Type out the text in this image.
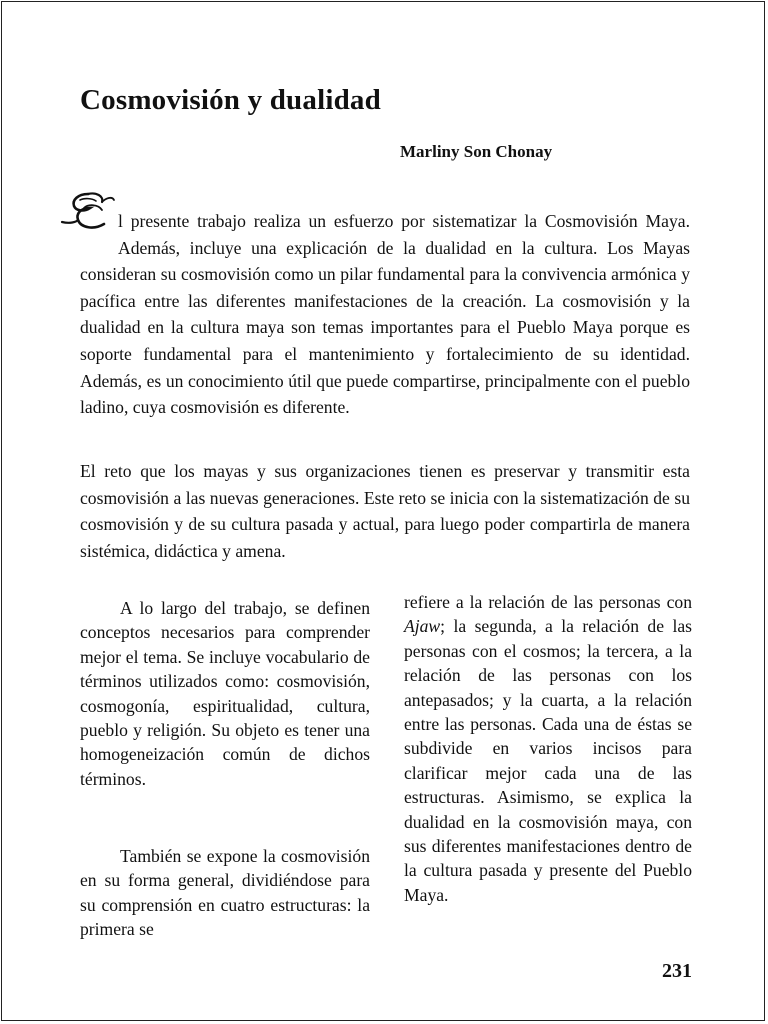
Cosmovisión y dualidad

Marliny Son Chonay

l presente trabajo realiza un esfuerzo por sistematizar la Cosmovisión Maya. Además, incluye una explicación de la dualidad en la cultura. Los Mayas consideran su cosmovisión como un pilar fundamental para la convivencia armónica y pacífica entre las diferentes manifestaciones de la creación. La cosmovisión y la dualidad en la cultura maya son temas importantes para el Pueblo Maya porque es soporte fundamental para el mantenimiento y fortalecimiento de su identidad. Además, es un conocimiento útil que puede compartirse, principalmente con el pueblo ladino, cuya cosmovisión es diferente.

El reto que los mayas y sus organizaciones tienen es preservar y transmitir esta cosmovisión a las nuevas generaciones. Este reto se inicia con la sistematización de su cosmovisión y de su cultura pasada y actual, para luego poder compartirla de manera sistémica, didáctica y amena.

A lo largo del trabajo, se definen conceptos necesarios para comprender mejor el tema. Se incluye vocabulario de términos utilizados como: cosmovisión, cosmogonía, espiritualidad, cultura, pueblo y religión. Su objeto es tener una homogeneización común de dichos términos.

También se expone la cosmovisión en su forma general, dividiéndose para su comprensión en cuatro estructuras: la primera se

refiere a la relación de las personas con Ajaw; la segunda, a la relación de las personas con el cosmos; la tercera, a la relación de las personas con los antepasados; y la cuarta, a la relación entre las personas. Cada una de éstas se subdivide en varios incisos para clarificar mejor cada una de las estructuras. Asimismo, se explica la dualidad en la cosmovisión maya, con sus diferentes manifestaciones dentro de la cultura pasada y presente del Pueblo Maya.

231
